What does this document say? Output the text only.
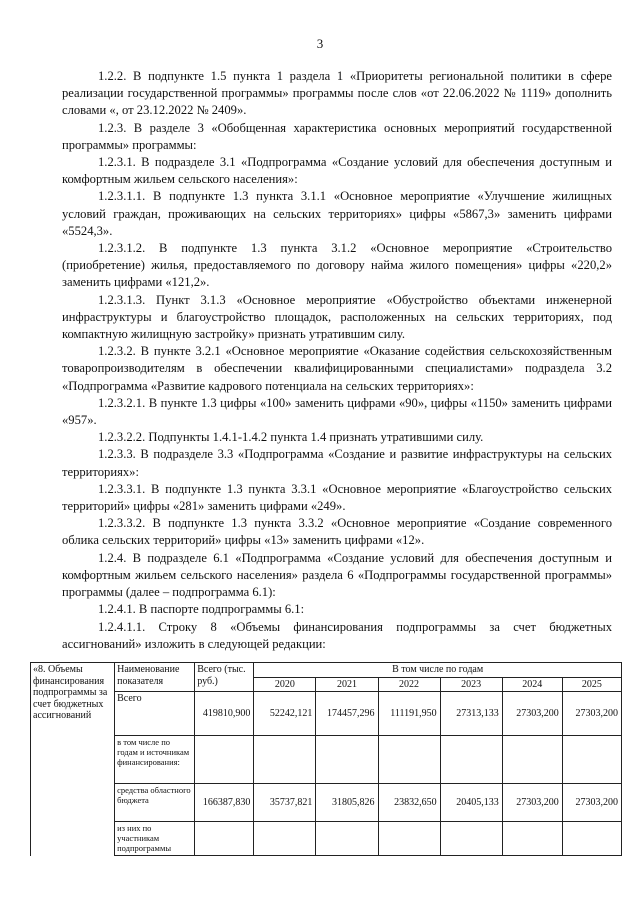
3

1.2.2. В подпункте 1.5 пункта 1 раздела 1 «Приоритеты региональной политики в сфере реализации государственной программы» программы после слов «от 22.06.2022 № 1119» дополнить словами «, от 23.12.2022 № 2409».

1.2.3. В разделе 3 «Обобщенная характеристика основных мероприятий государственной программы» программы:

1.2.3.1. В подразделе 3.1 «Подпрограмма «Создание условий для обеспечения доступным и комфортным жильем сельского населения»:

1.2.3.1.1. В подпункте 1.3 пункта 3.1.1 «Основное мероприятие «Улучшение жилищных условий граждан, проживающих на сельских территориях» цифры «5867,3» заменить цифрами «5524,3».

1.2.3.1.2. В подпункте 1.3 пункта 3.1.2 «Основное мероприятие «Строительство (приобретение) жилья, предоставляемого по договору найма жилого помещения» цифры «220,2» заменить цифрами «121,2».

1.2.3.1.3. Пункт 3.1.3 «Основное мероприятие «Обустройство объектами инженерной инфраструктуры и благоустройство площадок, расположенных на сельских территориях, под компактную жилищную застройку» признать утратившим силу.

1.2.3.2. В пункте 3.2.1 «Основное мероприятие «Оказание содействия сельскохозяйственным товаропроизводителям в обеспечении квалифицированными специалистами» подраздела 3.2 «Подпрограмма «Развитие кадрового потенциала на сельских территориях»:

1.2.3.2.1. В пункте 1.3 цифры «100» заменить цифрами «90», цифры «1150» заменить цифрами «957».

1.2.3.2.2. Подпункты 1.4.1-1.4.2 пункта 1.4 признать утратившими силу.

1.2.3.3. В подразделе 3.3 «Подпрограмма «Создание и развитие инфраструктуры на сельских территориях»:

1.2.3.3.1. В подпункте 1.3 пункта 3.3.1 «Основное мероприятие «Благоустройство сельских территорий» цифры «281» заменить цифрами «249».

1.2.3.3.2. В подпункте 1.3 пункта 3.3.2 «Основное мероприятие «Создание современного облика сельских территорий» цифры «13» заменить цифрами «12».

1.2.4. В подразделе 6.1 «Подпрограмма «Создание условий для обеспечения доступным и комфортным жильем сельского населения» раздела 6 «Подпрограммы государственной программы» программы (далее – подпрограмма 6.1):

1.2.4.1. В паспорте подпрограммы 6.1:

1.2.4.1.1. Строку 8 «Объемы финансирования подпрограммы за счет бюджетных ассигнований» изложить в следующей редакции:

«8. Объемы финансирования подпрограммы за счет бюджетных ассигнований	Наименование показателя	Всего (тыс. руб.)	В том числе по годам					
			2020	2021	2022	2023	2024	2025
	Всего	419810,900	52242,121	174457,296	111191,950	27313,133	27303,200	27303,200
	в том числе по годам и источникам финансирования:							
	средства областного бюджета	166387,830	35737,821	31805,826	23832,650	20405,133	27303,200	27303,200
	из них по участникам подпрограммы							
